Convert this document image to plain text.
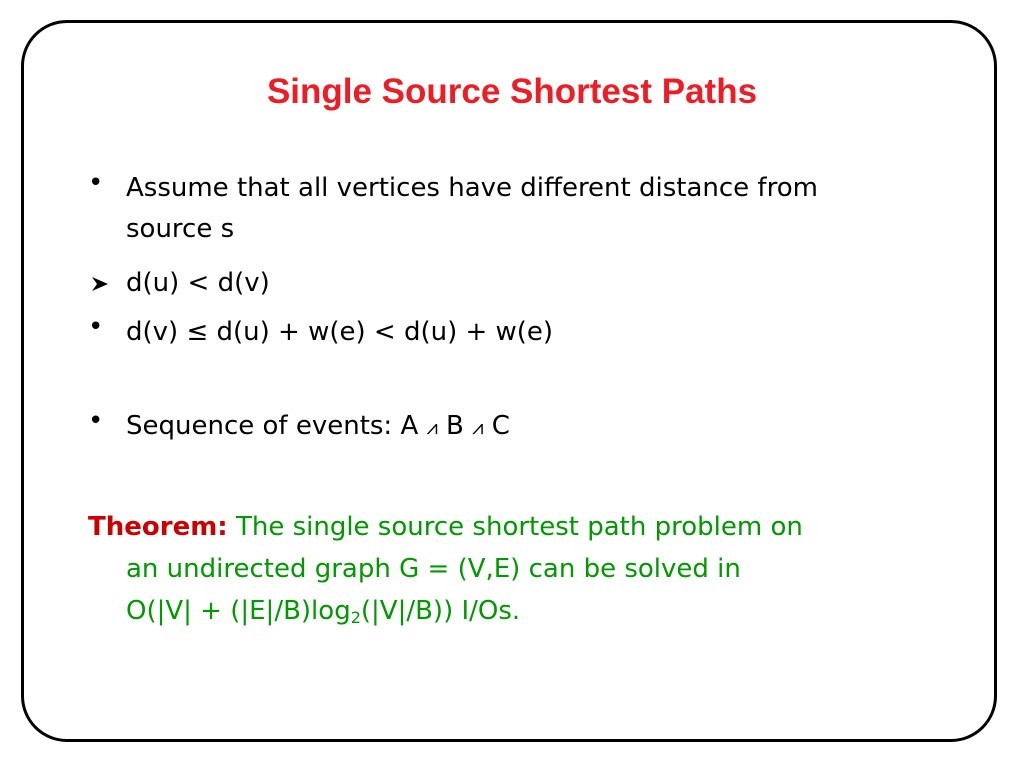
Single Source Shortest Paths
• Assume that all vertices have different distance from
source s
d(u) < d(v)
• d(v) ≤ d(u) + w(e) < d(u) + w(e)
• Sequence of events: A ⩘ B ⩘ C
Theorem: The single source shortest path problem on
an undirected graph G = (V,E) can be solved in
$O(|V| + (|E|/B)\log_2(|V|/B))$ I/Os.
